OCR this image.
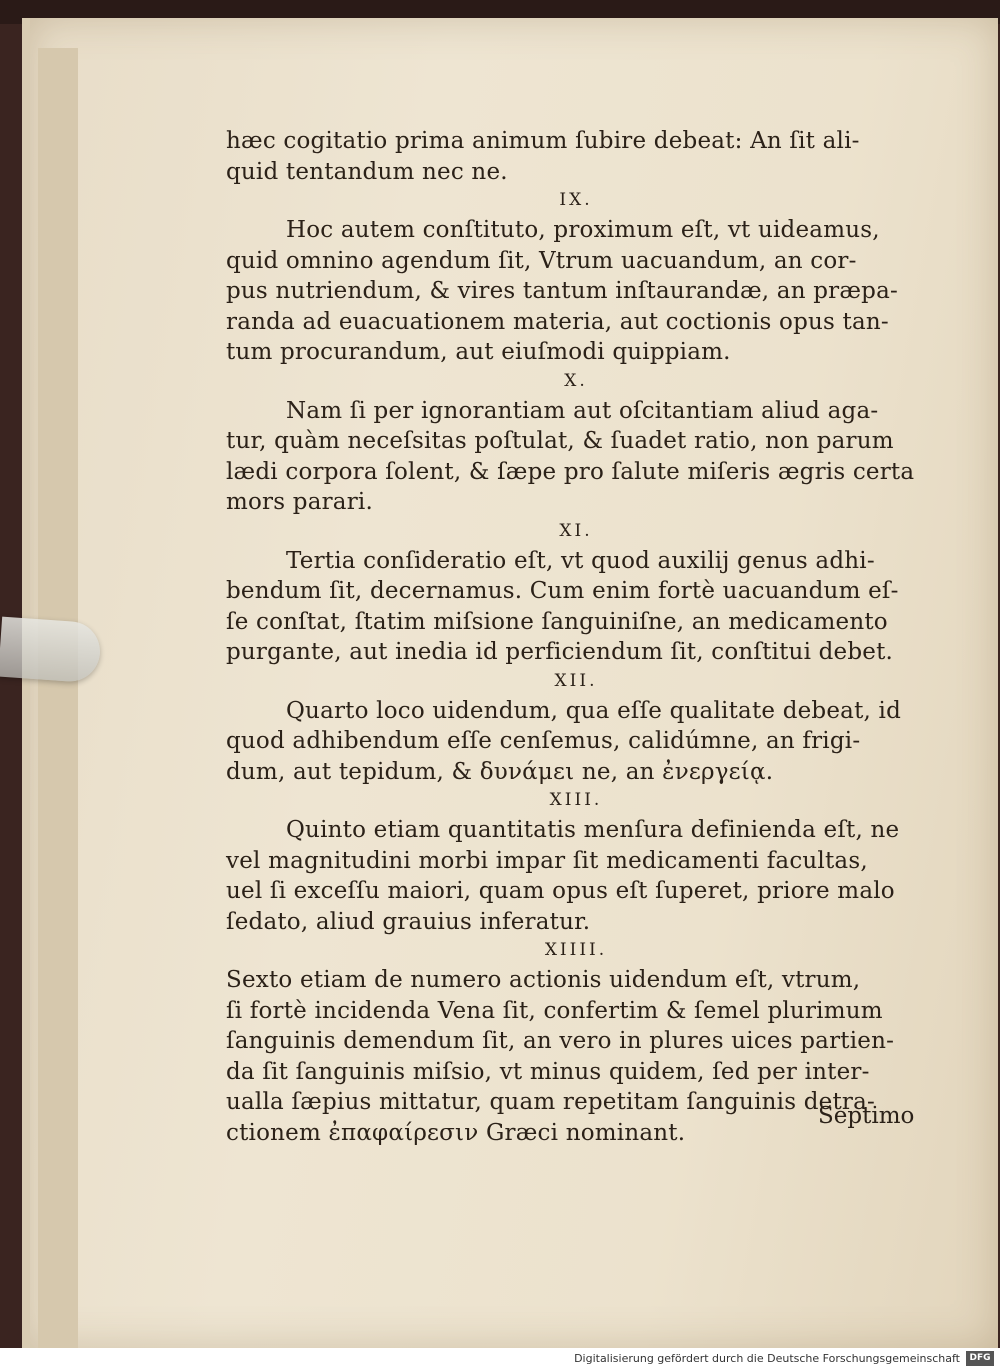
hæc cogitatio prima animum ſubire debeat: An ſit ali-
quid tentandum nec ne.
IX.
Hoc autem conſtituto, proximum eſt, vt uideamus,
quid omnino agendum ſit, Vtrum uacuandum, an cor-
pus nutriendum, & vires tantum inſtaurandæ, an præpa-
randa ad euacuationem materia, aut coctionis opus tan-
tum procurandum, aut eiuſmodi quippiam.
X.
Nam ſi per ignorantiam aut oſcitantiam aliud aga-
tur, quàm neceſsitas poſtulat, & ſuadet ratio, non parum
lædi corpora ſolent, & ſæpe pro ſalute miſeris ægris certa
mors parari.
XI.
Tertia conſideratio eſt, vt quod auxilij genus adhi-
bendum ſit, decernamus. Cum enim fortè uacuandum eſ-
ſe conſtat, ſtatim miſsione ſanguiniſne, an medicamento
purgante, aut inedia id perficiendum ſit, conſtitui debet.
XII.
Quarto loco uidendum, qua eſſe qualitate debeat, id
quod adhibendum eſſe cenſemus, calidúmne, an frigi-
dum, aut tepidum, & δυνάμει ne, an ἐνεργείᾳ.
XIII.
Quinto etiam quantitatis menſura definienda eſt, ne
vel magnitudini morbi impar ſit medicamenti facultas,
uel ſi exceſſu maiori, quam opus eſt ſuperet, priore malo
ſedato, aliud grauius inferatur.
XIIII.
Sexto etiam de numero actionis uidendum eſt, vtrum,
ſi fortè incidenda Vena ſit, confertim & ſemel plurimum
ſanguinis demendum ſit, an vero in plures uices partien-
da ſit ſanguinis miſsio, vt minus quidem, ſed per inter-
ualla ſæpius mittatur, quam repetitam ſanguinis detra-
ctionem ἐπαφαίρεσιν Græci nominant.
Septimo
Digitalisierung gefördert durch die Deutsche Forschungsgemeinschaft	DFG
